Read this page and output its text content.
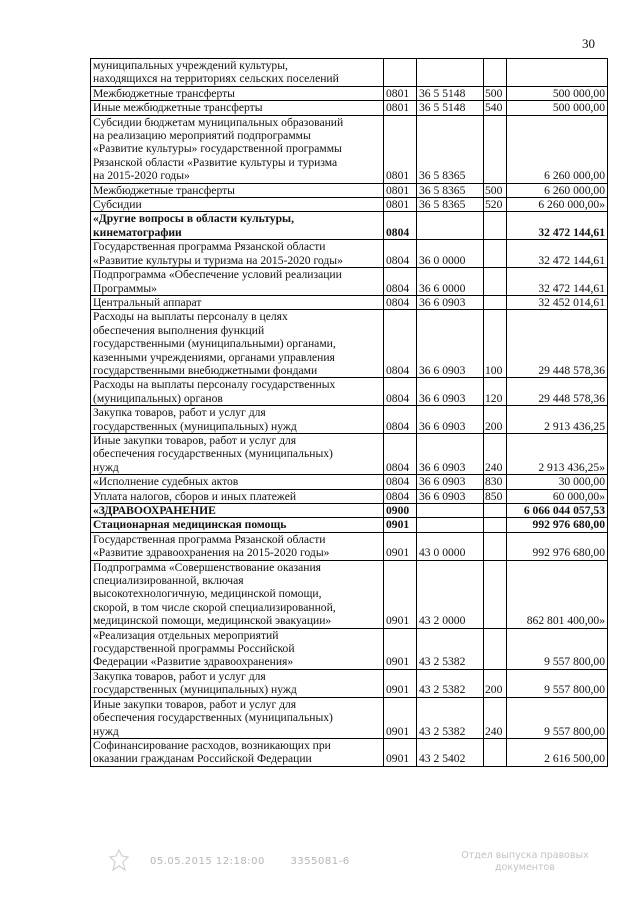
30
муниципальных учреждений культуры,
находящихся на территориях сельских поселений				
Межбюджетные трансферты	0801	36 5 5148	500	500 000,00
Иные межбюджетные трансферты	0801	36 5 5148	540	500 000,00
Субсидии бюджетам муниципальных образований
на реализацию мероприятий подпрограммы
«Развитие культуры» государственной программы
Рязанской области «Развитие культуры и туризма
на 2015-2020 годы»	0801	36 5 8365		6 260 000,00
Межбюджетные трансферты	0801	36 5 8365	500	6 260 000,00
Субсидии	0801	36 5 8365	520	6 260 000,00»
«Другие вопросы в области культуры,
кинематографии	0804			32 472 144,61
Государственная программа Рязанской области
«Развитие культуры и туризма на 2015-2020 годы»	0804	36 0 0000		32 472 144,61
Подпрограмма «Обеспечение условий реализации
Программы»	0804	36 6 0000		32 472 144,61
Центральный аппарат	0804	36 6 0903		32 452 014,61
Расходы на выплаты персоналу в целях
обеспечения выполнения функций
государственными (муниципальными) органами,
казенными учреждениями, органами управления
государственными внебюджетными фондами	0804	36 6 0903	100	29 448 578,36
Расходы на выплаты персоналу государственных
(муниципальных) органов	0804	36 6 0903	120	29 448 578,36
Закупка товаров, работ и услуг для
государственных (муниципальных) нужд	0804	36 6 0903	200	2 913 436,25
Иные закупки товаров, работ и услуг для
обеспечения государственных (муниципальных)
нужд	0804	36 6 0903	240	2 913 436,25»
«Исполнение судебных актов	0804	36 6 0903	830	30 000,00
Уплата налогов, сборов и иных платежей	0804	36 6 0903	850	60 000,00»
«ЗДРАВООХРАНЕНИЕ	0900			6 066 044 057,53
Стационарная медицинская помощь	0901			992 976 680,00
Государственная программа Рязанской области
«Развитие здравоохранения на 2015-2020 годы»	0901	43 0 0000		992 976 680,00
Подпрограмма «Совершенствование оказания
специализированной, включая
высокотехнологичную, медицинской помощи,
скорой, в том числе скорой специализированной,
медицинской помощи, медицинской эвакуации»	0901	43 2 0000		862 801 400,00»
«Реализация отдельных мероприятий
государственной программы Российской
Федерации «Развитие здравоохранения»	0901	43 2 5382		9 557 800,00
Закупка товаров, работ и услуг для
государственных (муниципальных) нужд	0901	43 2 5382	200	9 557 800,00
Иные закупки товаров, работ и услуг для
обеспечения государственных (муниципальных)
нужд	0901	43 2 5382	240	9 557 800,00
Софинансирование расходов, возникающих при
оказании гражданам Российской Федерации	0901	43 2 5402		2 616 500,00
05.05.2015 12:18:00	3355081-6
Отдел выпуска правовых документов
